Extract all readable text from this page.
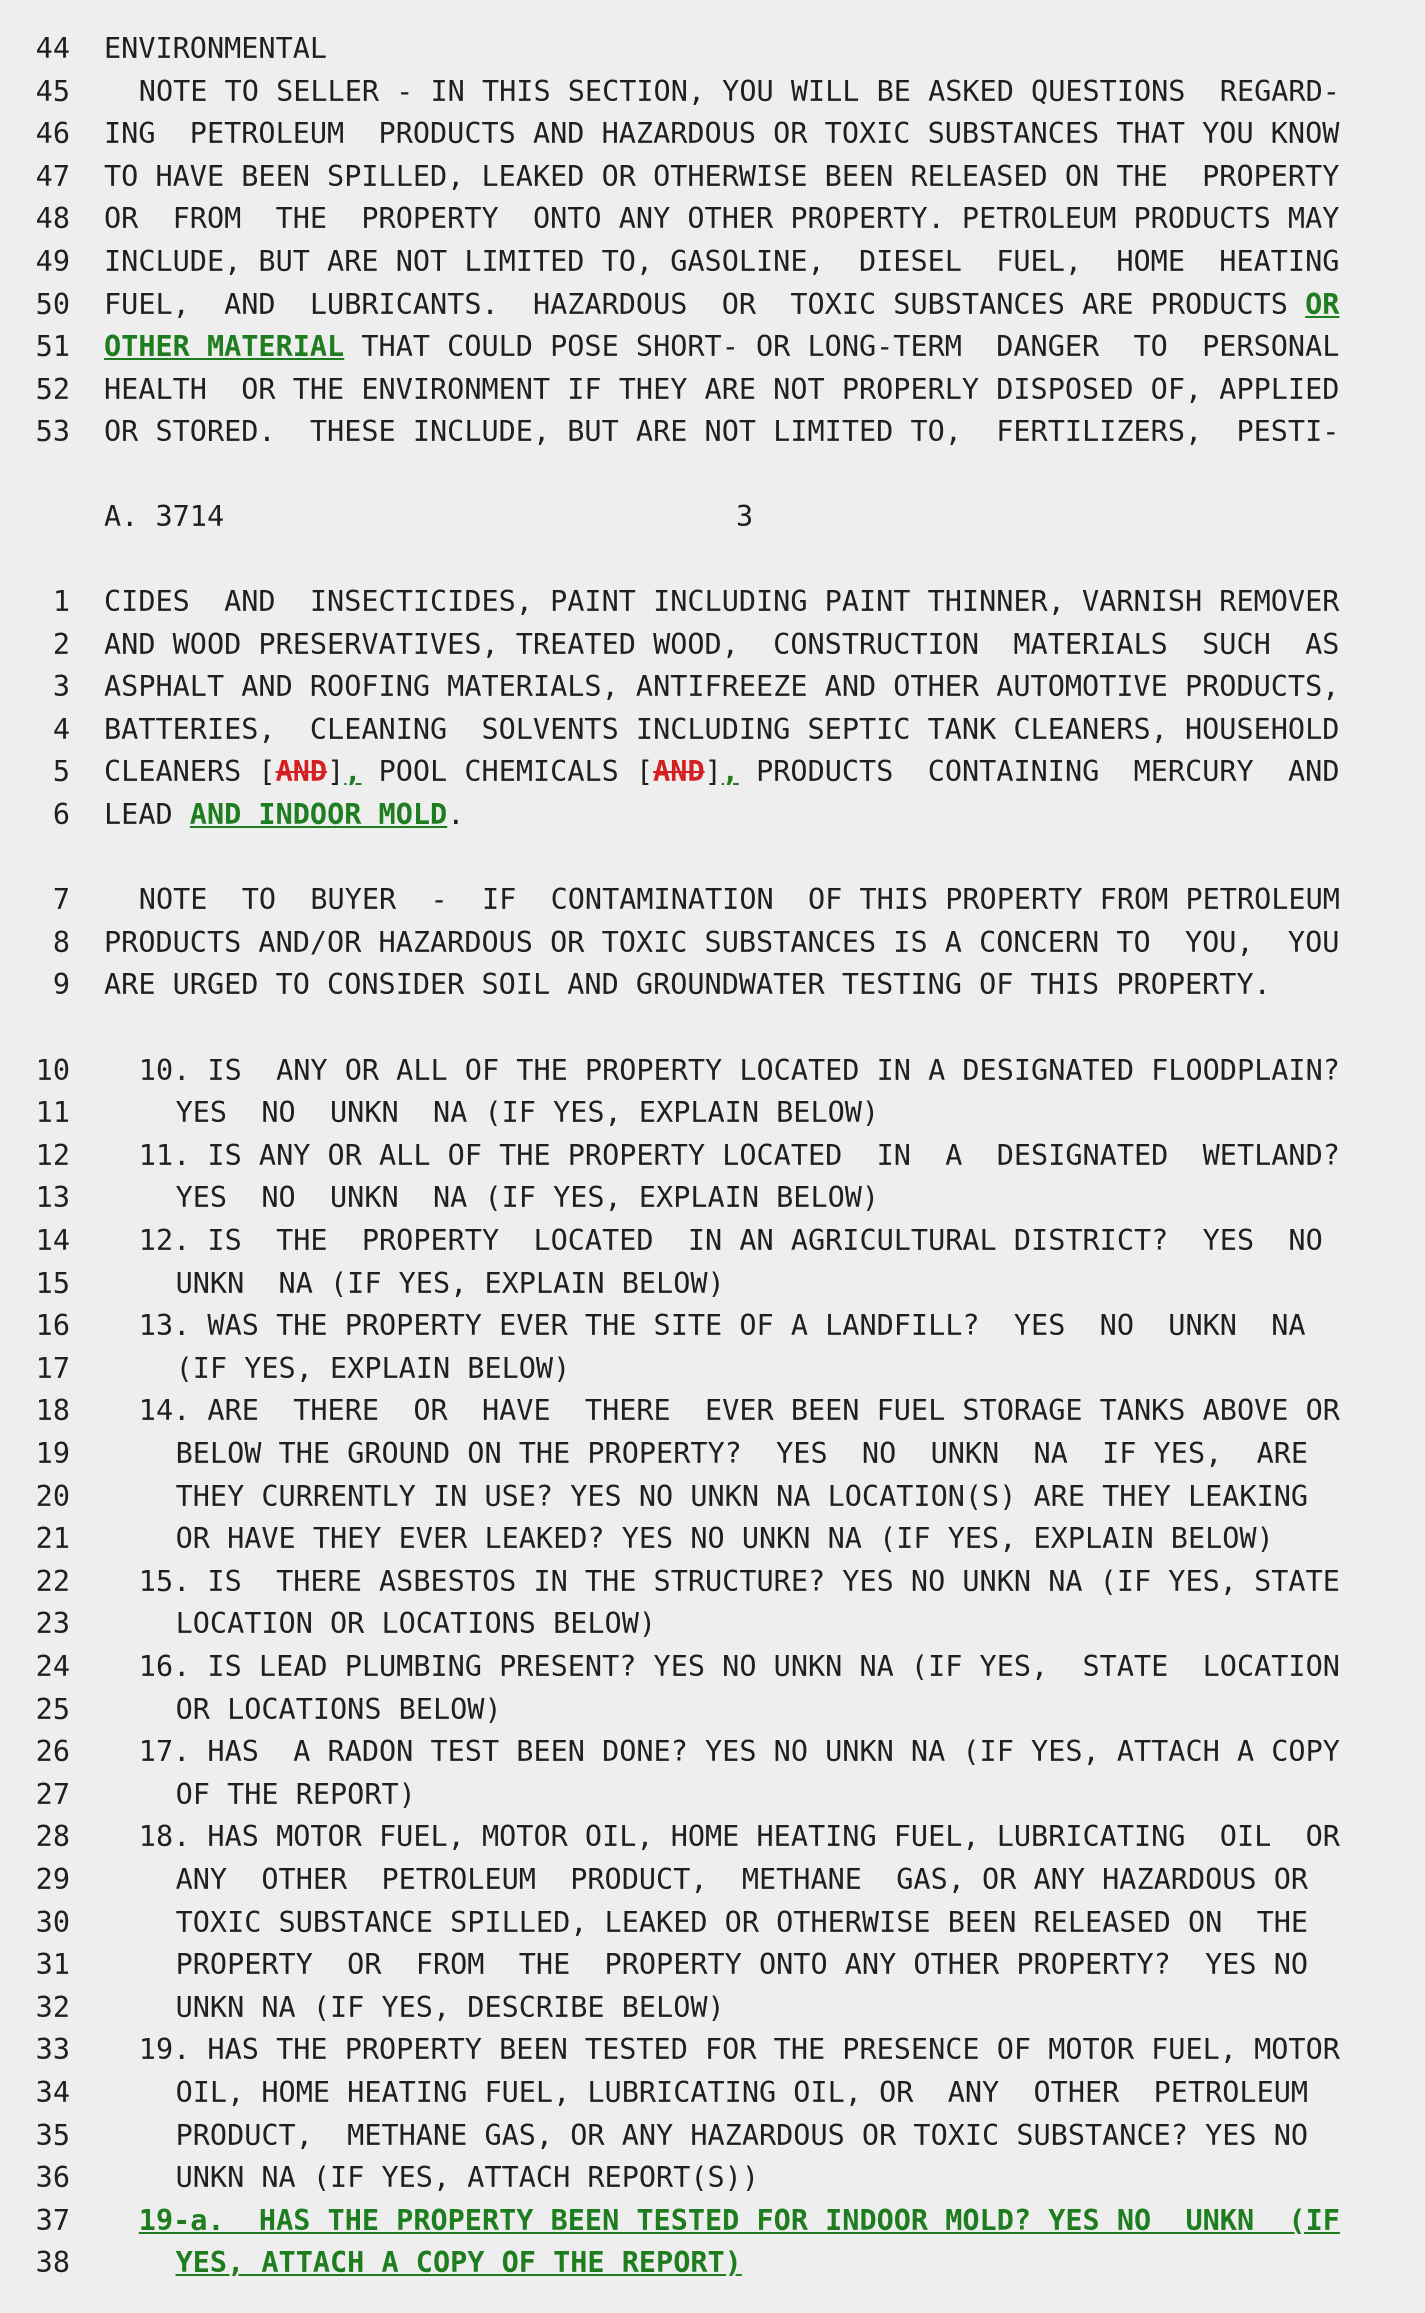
44 ENVIRONMENTAL
45 NOTE TO SELLER - IN THIS SECTION, YOU WILL BE ASKED QUESTIONS  REGARD-
46 ING  PETROLEUM  PRODUCTS AND HAZARDOUS OR TOXIC SUBSTANCES THAT YOU KNOW
47 TO HAVE BEEN SPILLED, LEAKED OR OTHERWISE BEEN RELEASED ON THE  PROPERTY
48 OR  FROM  THE  PROPERTY  ONTO ANY OTHER PROPERTY. PETROLEUM PRODUCTS MAY
49 INCLUDE, BUT ARE NOT LIMITED TO, GASOLINE,  DIESEL  FUEL,  HOME  HEATING
50 FUEL,  AND  LUBRICANTS.  HAZARDOUS  OR  TOXIC SUBSTANCES ARE PRODUCTS OR
51 OTHER MATERIAL THAT COULD POSE SHORT- OR LONG-TERM  DANGER  TO  PERSONAL
52 HEALTH  OR THE ENVIRONMENT IF THEY ARE NOT PROPERLY DISPOSED OF, APPLIED
53 OR STORED.  THESE INCLUDE, BUT ARE NOT LIMITED TO,  FERTILIZERS,  PESTI-
A. 3714	3
1 CIDES  AND  INSECTICIDES, PAINT INCLUDING PAINT THINNER, VARNISH REMOVER
2 AND WOOD PRESERVATIVES, TREATED WOOD,  CONSTRUCTION  MATERIALS  SUCH  AS
3 ASPHALT AND ROOFING MATERIALS, ANTIFREEZE AND OTHER AUTOMOTIVE PRODUCTS,
4 BATTERIES,  CLEANING  SOLVENTS INCLUDING SEPTIC TANK CLEANERS, HOUSEHOLD
5 CLEANERS [AND], POOL CHEMICALS [AND], PRODUCTS  CONTAINING  MERCURY  AND
6 LEAD AND INDOOR MOLD.
7 NOTE  TO  BUYER  -  IF  CONTAMINATION  OF THIS PROPERTY FROM PETROLEUM
8 PRODUCTS AND/OR HAZARDOUS OR TOXIC SUBSTANCES IS A CONCERN TO  YOU,  YOU
9 ARE URGED TO CONSIDER SOIL AND GROUNDWATER TESTING OF THIS PROPERTY.
10 10. IS  ANY OR ALL OF THE PROPERTY LOCATED IN A DESIGNATED FLOODPLAIN?
11	YES  NO  UNKN  NA (IF YES, EXPLAIN BELOW)
12 11. IS ANY OR ALL OF THE PROPERTY LOCATED  IN  A  DESIGNATED  WETLAND?
13	YES  NO  UNKN  NA (IF YES, EXPLAIN BELOW)
14 12. IS  THE  PROPERTY  LOCATED  IN AN AGRICULTURAL DISTRICT?  YES  NO
15	UNKN  NA (IF YES, EXPLAIN BELOW)
16 13. WAS THE PROPERTY EVER THE SITE OF A LANDFILL?  YES  NO  UNKN  NA
17	(IF YES, EXPLAIN BELOW)
18 14. ARE  THERE  OR  HAVE  THERE  EVER BEEN FUEL STORAGE TANKS ABOVE OR
19	BELOW THE GROUND ON THE PROPERTY?  YES  NO  UNKN  NA  IF YES,  ARE
20	THEY CURRENTLY IN USE? YES NO UNKN NA LOCATION(S) ARE THEY LEAKING
21	OR HAVE THEY EVER LEAKED? YES NO UNKN NA (IF YES, EXPLAIN BELOW)
22 15. IS  THERE ASBESTOS IN THE STRUCTURE? YES NO UNKN NA (IF YES, STATE
23	LOCATION OR LOCATIONS BELOW)
24 16. IS LEAD PLUMBING PRESENT? YES NO UNKN NA (IF YES,  STATE  LOCATION
25	OR LOCATIONS BELOW)
26 17. HAS  A RADON TEST BEEN DONE? YES NO UNKN NA (IF YES, ATTACH A COPY
27	OF THE REPORT)
28 18. HAS MOTOR FUEL, MOTOR OIL, HOME HEATING FUEL, LUBRICATING  OIL  OR
29	ANY  OTHER  PETROLEUM  PRODUCT,  METHANE  GAS, OR ANY HAZARDOUS OR
30	TOXIC SUBSTANCE SPILLED, LEAKED OR OTHERWISE BEEN RELEASED ON  THE
31	PROPERTY  OR  FROM  THE  PROPERTY ONTO ANY OTHER PROPERTY?  YES NO
32	UNKN NA (IF YES, DESCRIBE BELOW)
33 19. HAS THE PROPERTY BEEN TESTED FOR THE PRESENCE OF MOTOR FUEL, MOTOR
34	OIL, HOME HEATING FUEL, LUBRICATING OIL, OR  ANY  OTHER  PETROLEUM
35	PRODUCT,  METHANE GAS, OR ANY HAZARDOUS OR TOXIC SUBSTANCE? YES NO
36	UNKN NA (IF YES, ATTACH REPORT(S))
37 19-a.  HAS THE PROPERTY BEEN TESTED FOR INDOOR MOLD? YES NO  UNKN  (IF
38	YES, ATTACH A COPY OF THE REPORT)
